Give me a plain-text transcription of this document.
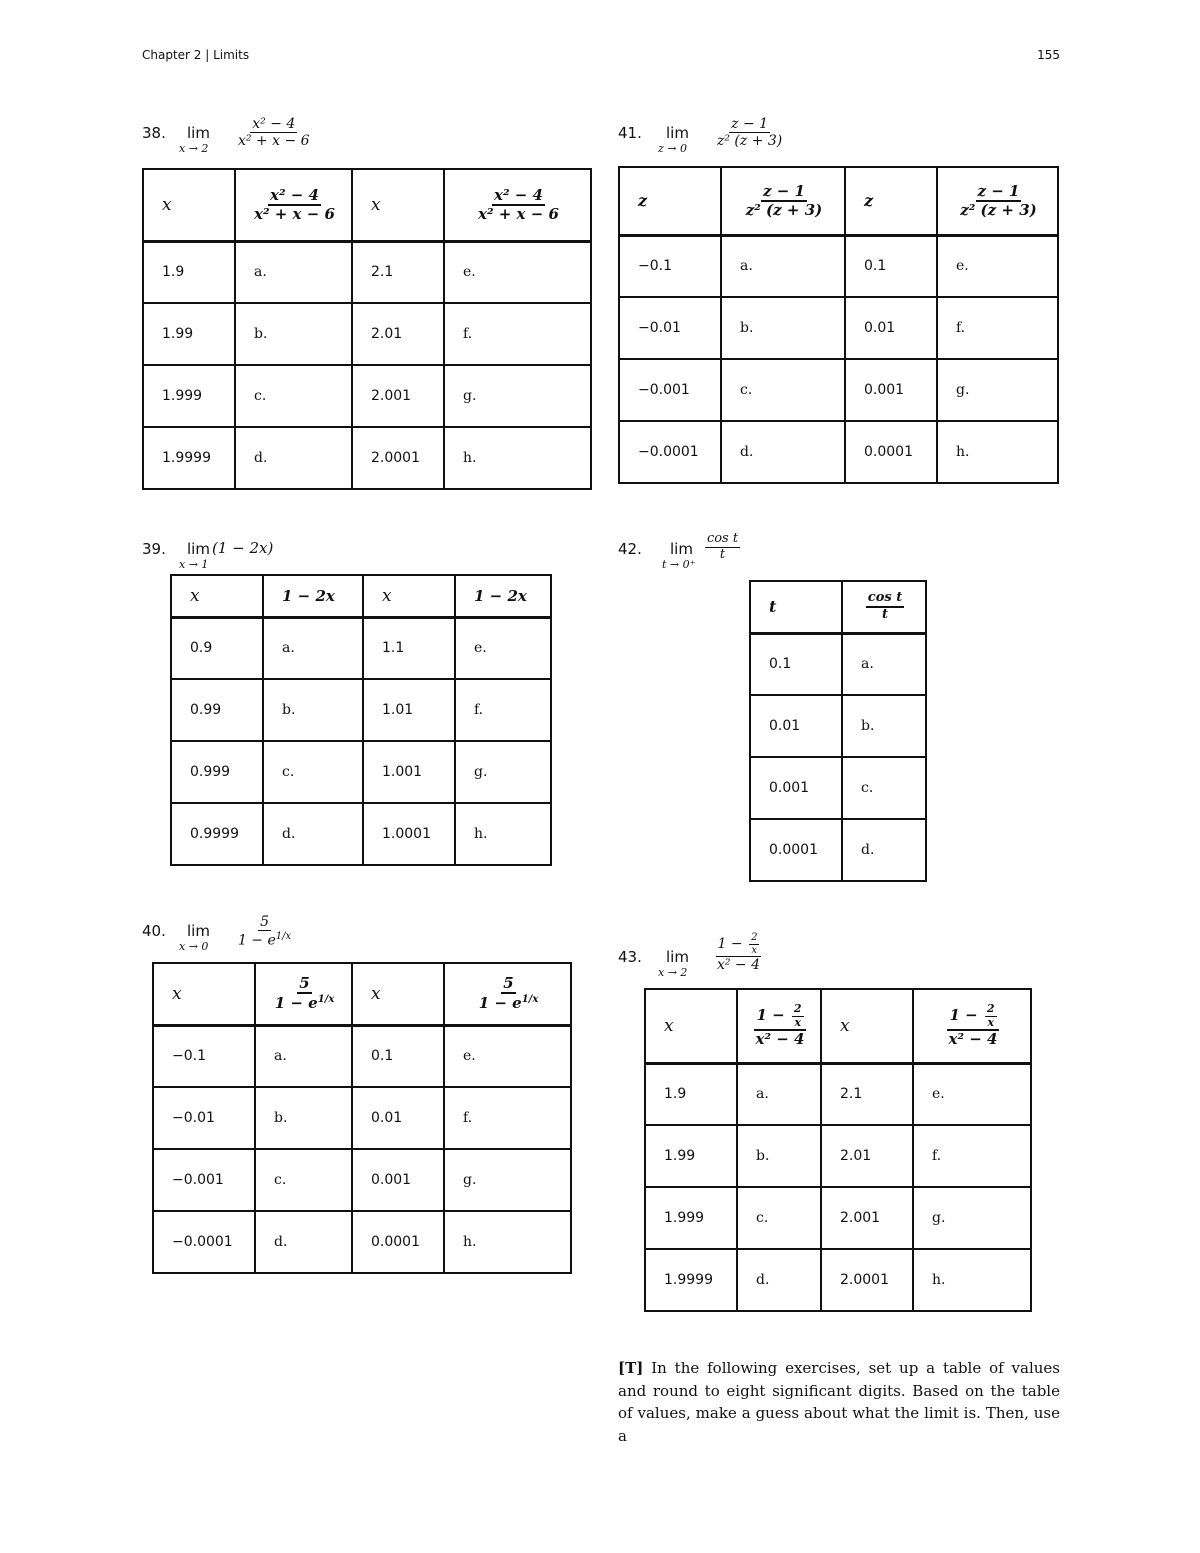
Chapter 2 | Limits	155
38. lim
$x \to 2 \frac{\text{x² − 4}}{\text{x² + x − 6}}$
x	$\frac{\text{x² − 4}}{\text{x² + x − 6}}$	x	$\frac{\text{x² − 4}}{\text{x² + x − 6}}$

1.9	a.	2.1	e.
1.99	b.	2.01	f.
1.999	c.	2.001	g.
1.9999	d.	2.0001	h.
41. lim
$z \to 0 \frac{z - 1}{\text{z² (z + 3)}}$
z	$\frac{z - 1}{\text{z² (z + 3)}}$	z	$\frac{z - 1}{\text{z² (z + 3)}}$

−0.1	a.	0.1	e.
−0.01	b.	0.01	f.
−0.001	c.	0.001	g.
−0.0001	d.	0.0001	h.
39. lim
x → 1
(1 − 2x)
x	1 − 2x	x	1 − 2x
0.9	a.	1.1	e.
0.99	b.	1.01	f.
0.999	c.	1.001	g.
0.9999	d.	1.0001	h.
42. lim
t → 0⁺
$\frac{\text{cos t}}{t}$
t	$\frac{\text{cos t}}{t}$

0.1	a.
0.01	b.
0.001	c.
0.0001	d.
40. lim
$x \to 0 \frac{5}{1 - e^{1/x}}$
x	$\frac{5}{1 - e^{1/x}}$	x	$\frac{5}{1 - e^{1/x}}$

−0.1	a.	0.1	e.
−0.01	b.	0.01	f.
−0.001	c.	0.001	g.
−0.0001	d.	0.0001	h.
43. lim
$x \to 2 \frac{1 - \frac{2}{x}}{\text{x² − 4}}$
x	$\frac{1 - \frac{2}{x}}{\text{x² − 4}}$	x	$\frac{1 - \frac{2}{x}}{\text{x² − 4}}$

1.9	a.	2.1	e.
1.99	b.	2.01	f.
1.999	c.	2.001	g.
1.9999	d.	2.0001	h.
[T] In the following exercises, set up a table of values and round to eight significant digits. Based on the table of values, make a guess about what the limit is. Then, use a
